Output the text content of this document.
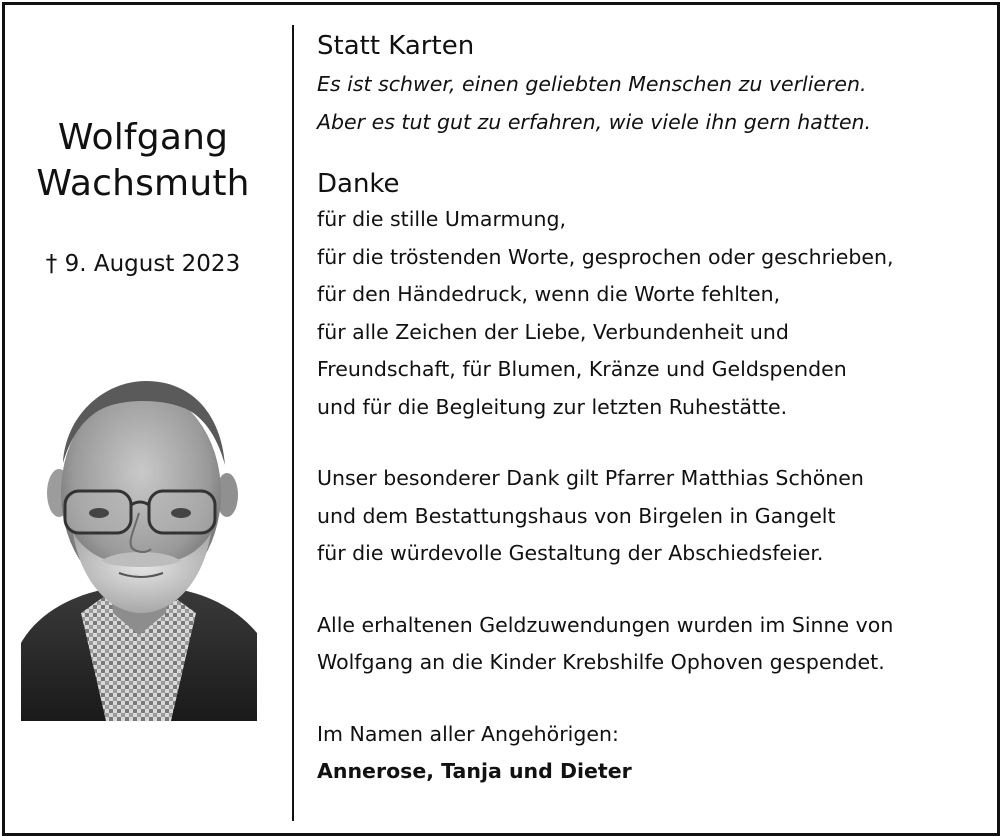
Wolfgang
Wachsmuth
† 9. August 2023
Statt Karten

Es ist schwer, einen geliebten Menschen zu verlieren.
Aber es tut gut zu erfahren, wie viele ihn gern hatten.

Danke

für die stille Umarmung,
für die tröstenden Worte, gesprochen oder geschrieben,
für den Händedruck, wenn die Worte fehlten,
für alle Zeichen der Liebe, Verbundenheit und
Freundschaft, für Blumen, Kränze und Geldspenden
und für die Begleitung zur letzten Ruhestätte.

Unser besonderer Dank gilt Pfarrer Matthias Schönen
und dem Bestattungshaus von Birgelen in Gangelt
für die würdevolle Gestaltung der Abschiedsfeier.

Alle erhaltenen Geldzuwendungen wurden im Sinne von
Wolfgang an die Kinder Krebshilfe Ophoven gespendet.

Im Namen aller Angehörigen:

Annerose, Tanja und Dieter
